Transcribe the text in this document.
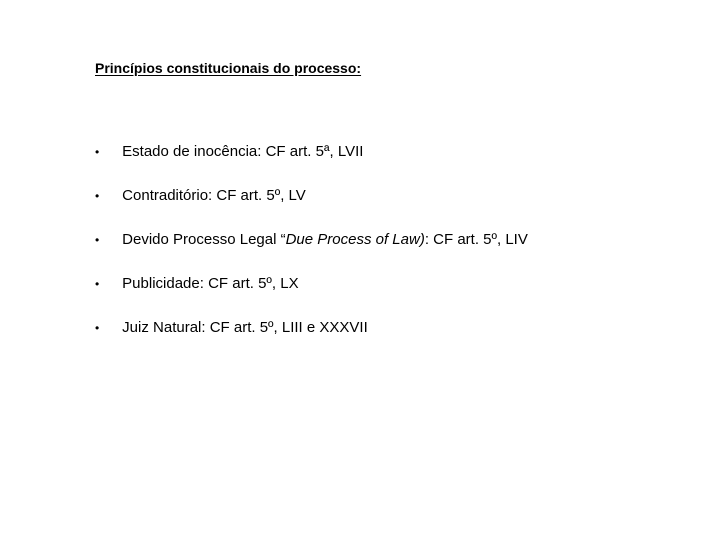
Princípios constitucionais do processo:
• Estado de inocência: CF art. 5ª, LVII
• Contraditório: CF art. 5º, LV
• Devido Processo Legal “Due Process of Law): CF art. 5º, LIV
• Publicidade: CF art. 5º, LX
• Juiz Natural: CF art. 5º, LIII e XXXVII
